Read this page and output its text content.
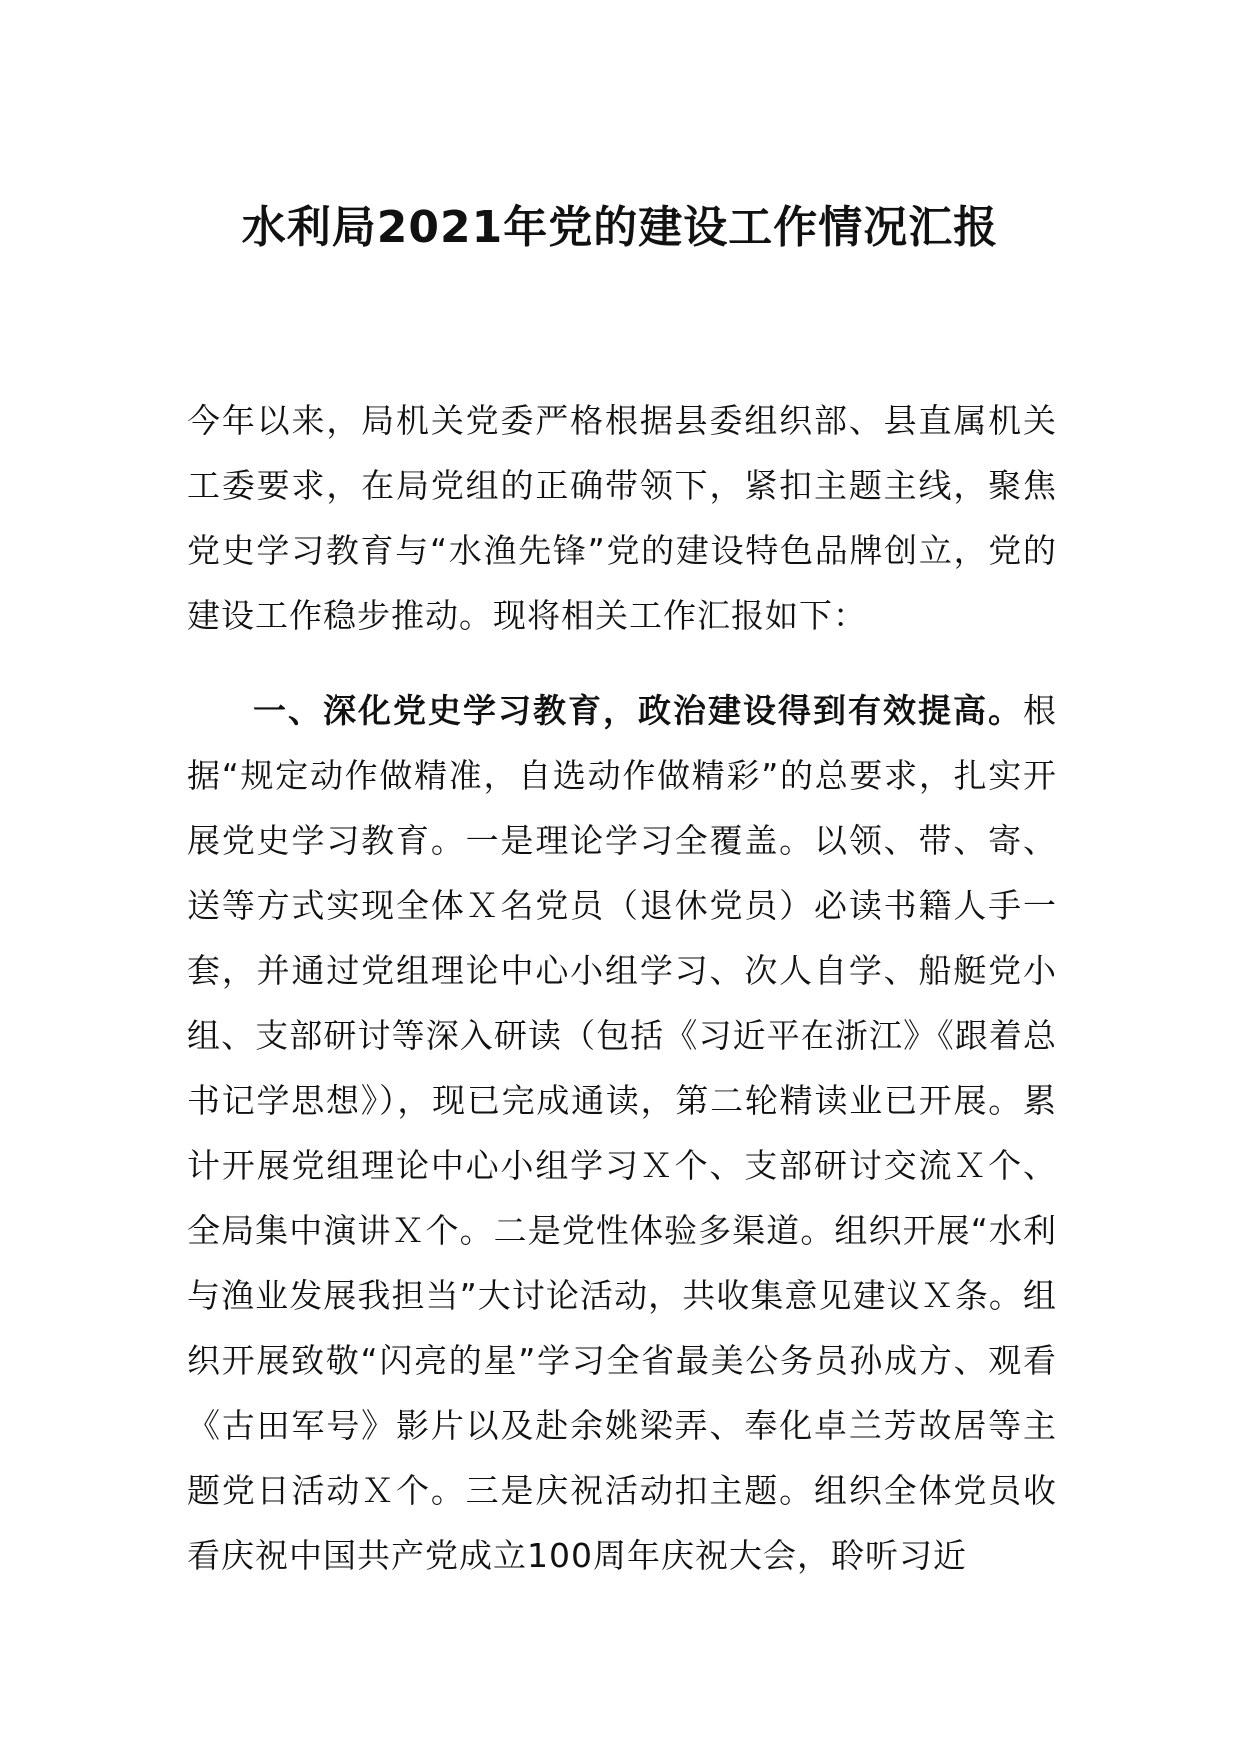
水利局2021年党的建设工作情况汇报

今年以来，局机关党委严格根据县委组织部、县直属机关工委要求，在局党组的正确带领下，紧扣主题主线，聚焦党史学习教育与“水渔先锋”党的建设特色品牌创立，党的建设工作稳步推动。现将相关工作汇报如下：

一、深化党史学习教育，政治建设得到有效提高。根据“规定动作做精准，自选动作做精彩”的总要求，扎实开展党史学习教育。一是理论学习全覆盖。以领、带、寄、送等方式实现全体Ｘ名党员（退休党员）必读书籍人手一套，并通过党组理论中心小组学习、次人自学、船艇党小组、支部研讨等深入研读（包括《习近平在浙江》《跟着总书记学思想》），现已完成通读，第二轮精读业已开展。累计开展党组理论中心小组学习Ｘ个、支部研讨交流Ｘ个、全局集中演讲Ｘ个。二是党性体验多渠道。组织开展“水利与渔业发展我担当”大讨论活动，共收集意见建议Ｘ条。组织开展致敬“闪亮的星”学习全省最美公务员孙成方、观看《古田军号》影片以及赴余姚梁弄、奉化卓兰芳故居等主题党日活动Ｘ个。三是庆祝活动扣主题。组织全体党员收看庆祝中国共产党成立100周年庆祝大会，聆听习近
